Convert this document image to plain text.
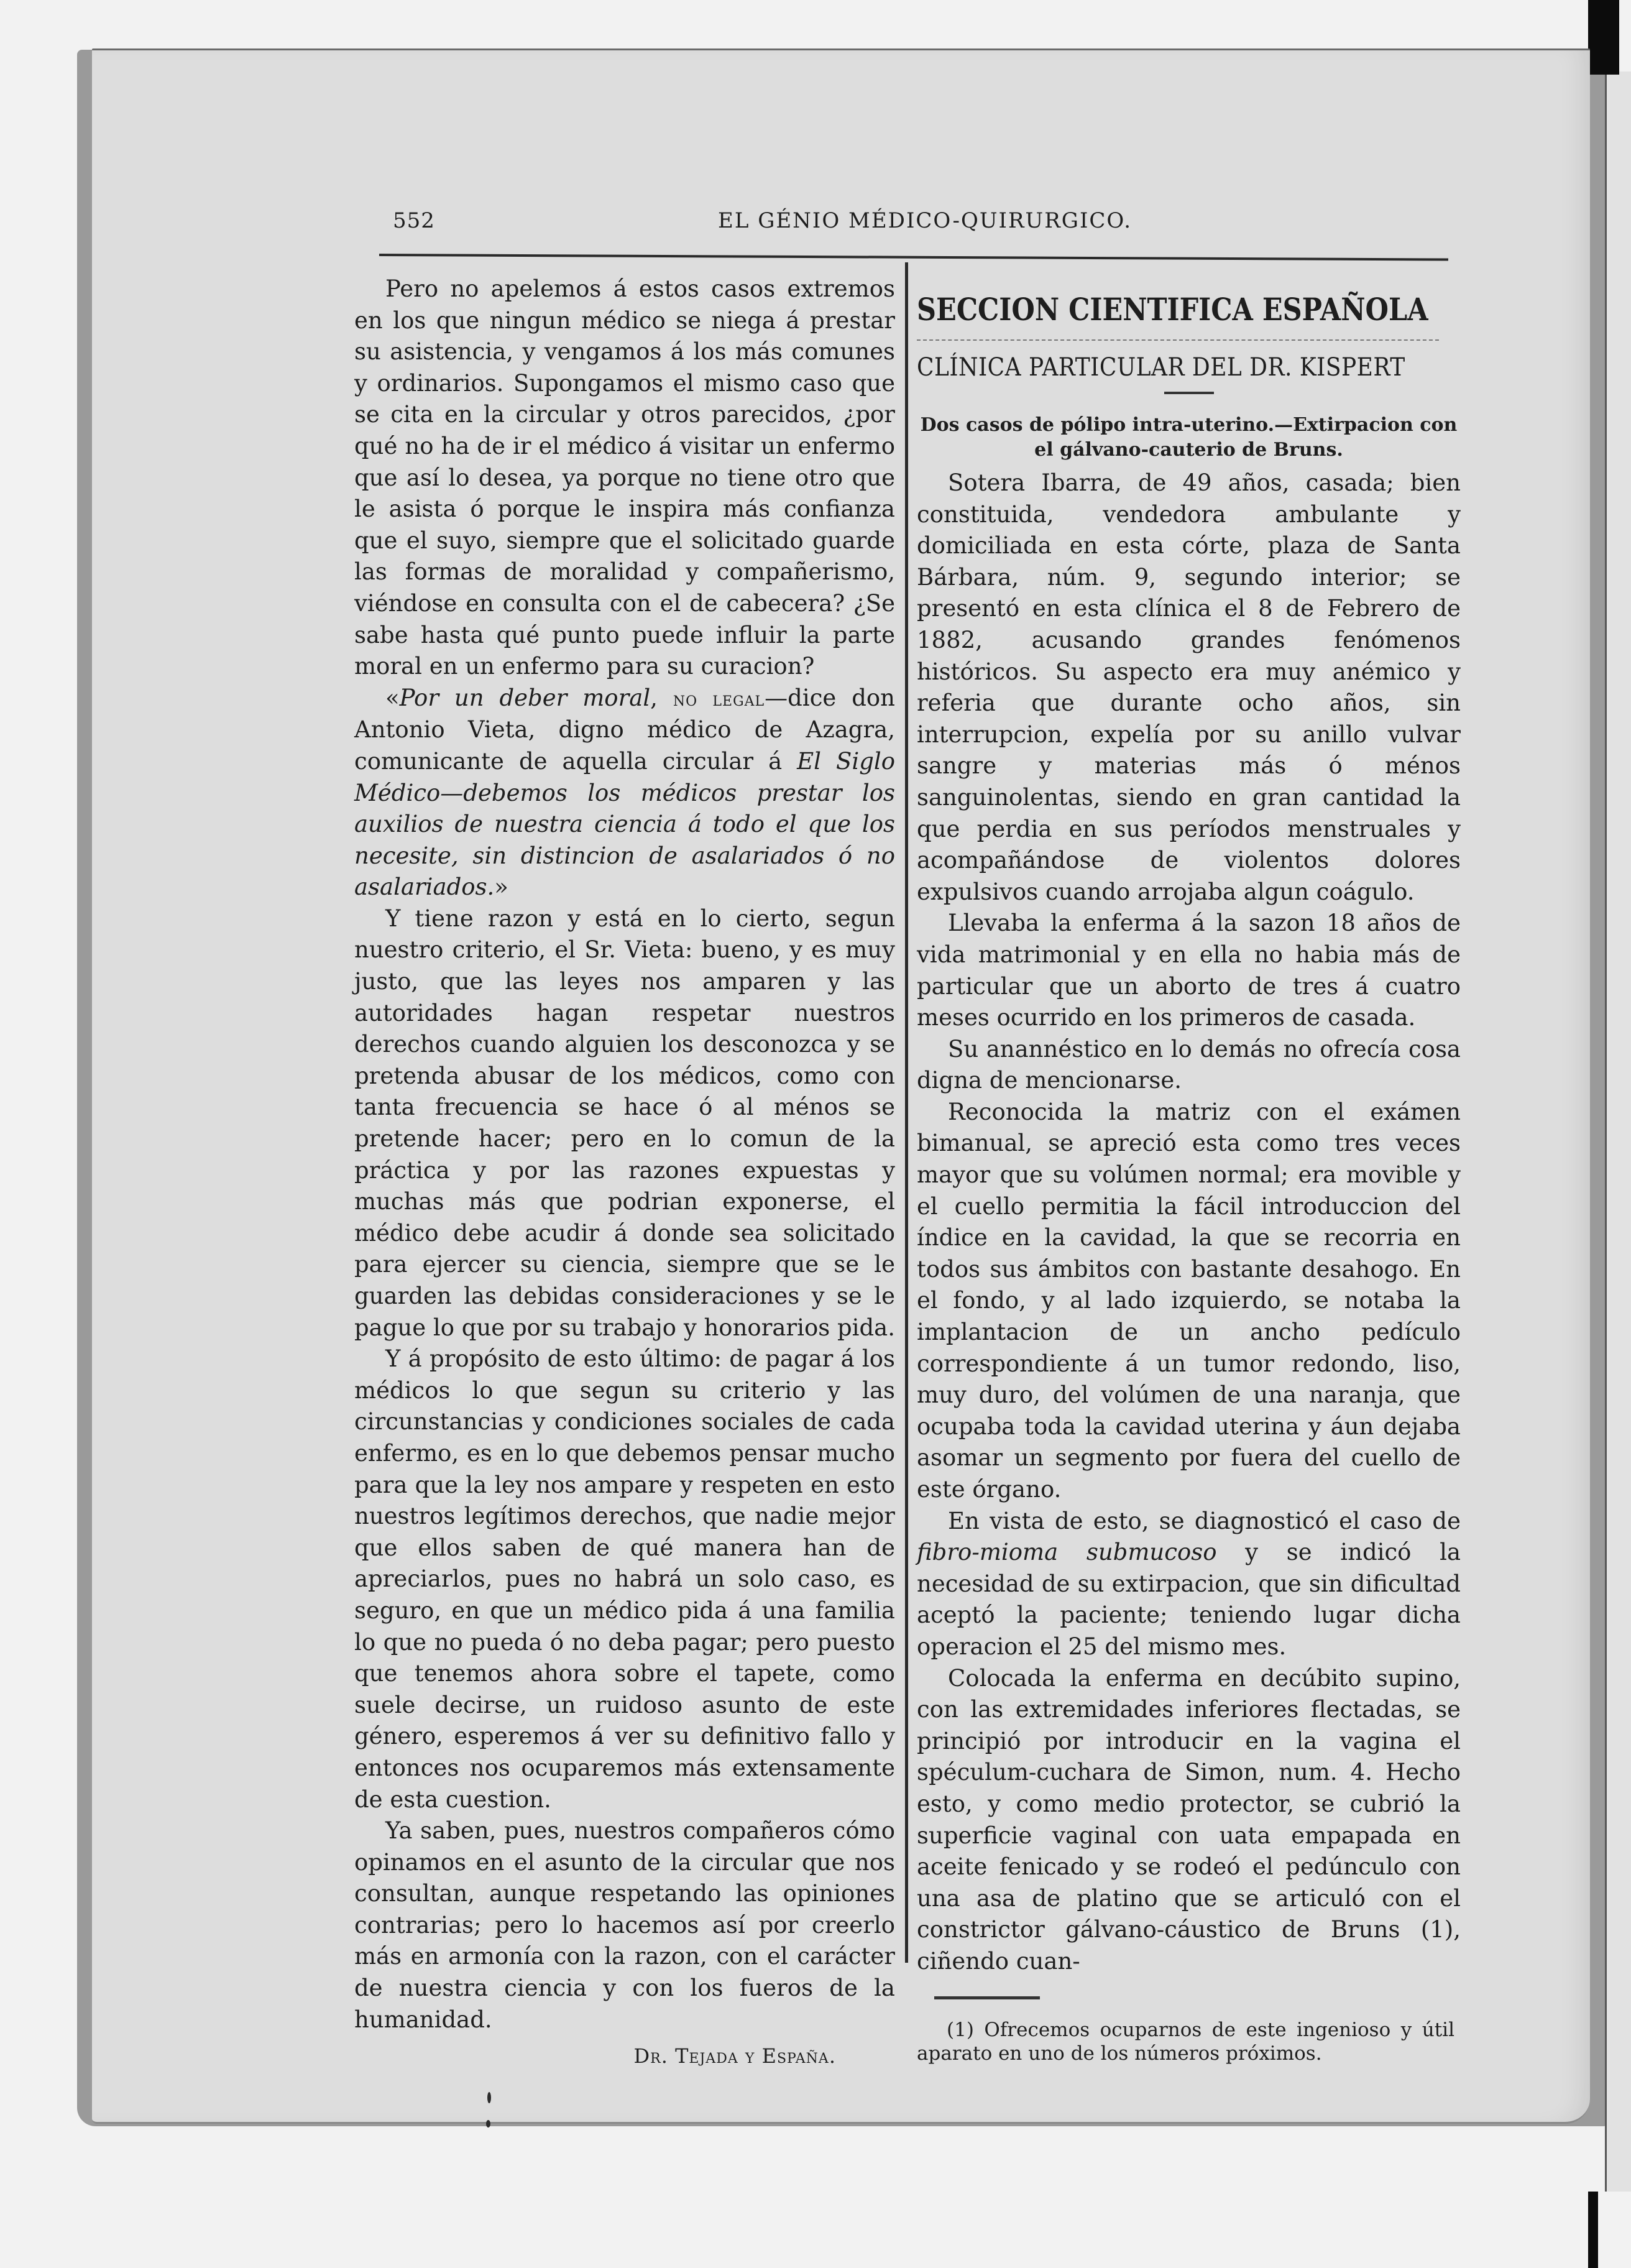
552	EL GÉNIO MÉDICO-QUIRURGICO.

Pero no apelemos á estos casos extremos en los que ningun médico se niega á prestar su asistencia, y vengamos á los más comunes y ordinarios. Supongamos el mismo caso que se cita en la circular y otros parecidos, ¿por qué no ha de ir el médico á visitar un enfermo que así lo desea, ya porque no tiene otro que le asista ó porque le inspira más confianza que el suyo, siempre que el solicitado guarde las formas de moralidad y compañerismo, viéndose en consulta con el de cabecera? ¿Se sabe hasta qué punto puede influir la parte moral en un enfermo para su curacion?

«Por un deber moral, no legal—dice don Antonio Vieta, digno médico de Azagra, comunicante de aquella circular á El Siglo Médico—debemos los médicos prestar los auxilios de nuestra ciencia á todo el que los necesite, sin distincion de asalariados ó no asalariados.»

Y tiene razon y está en lo cierto, segun nuestro criterio, el Sr. Vieta: bueno, y es muy justo, que las leyes nos amparen y las autoridades hagan respetar nuestros derechos cuando alguien los desconozca y se pretenda abusar de los médicos, como con tanta frecuencia se hace ó al ménos se pretende hacer; pero en lo comun de la práctica y por las razones expuestas y muchas más que podrian exponerse, el médico debe acudir á donde sea solicitado para ejercer su ciencia, siempre que se le guarden las debidas consideraciones y se le pague lo que por su trabajo y honorarios pida.

Y á propósito de esto último: de pagar á los médicos lo que segun su criterio y las circunstancias y condiciones sociales de cada enfermo, es en lo que debemos pensar mucho para que la ley nos ampare y respeten en esto nuestros legítimos derechos, que nadie mejor que ellos saben de qué manera han de apreciarlos, pues no habrá un solo caso, es seguro, en que un médico pida á una familia lo que no pueda ó no deba pagar; pero puesto que tenemos ahora sobre el tapete, como suele decirse, un ruidoso asunto de este género, esperemos á ver su definitivo fallo y entonces nos ocuparemos más extensamente de esta cuestion.

Ya saben, pues, nuestros compañeros cómo opinamos en el asunto de la circular que nos consultan, aunque respetando las opiniones contrarias; pero lo hacemos así por creerlo más en armonía con la razon, con el carácter de nuestra ciencia y con los fueros de la humanidad.

Dr. Tejada y España.
SECCION CIENTIFICA ESPAÑOLA
CLÍNICA PARTICULAR DEL DR. KISPERT
Dos casos de pólipo intra-uterino.—Extirpacion con el gálvano-cauterio de Bruns.

Sotera Ibarra, de 49 años, casada; bien constituida, vendedora ambulante y domiciliada en esta córte, plaza de Santa Bárbara, núm. 9, segundo interior; se presentó en esta clínica el 8 de Febrero de 1882, acusando grandes fenómenos históricos. Su aspecto era muy anémico y referia que durante ocho años, sin interrupcion, expelía por su anillo vulvar sangre y materias más ó ménos sanguinolentas, siendo en gran cantidad la que perdia en sus períodos menstruales y acompañándose de violentos dolores expulsivos cuando arrojaba algun coágulo.

Llevaba la enferma á la sazon 18 años de vida matrimonial y en ella no habia más de particular que un aborto de tres á cuatro meses ocurrido en los primeros de casada.

Su anannéstico en lo demás no ofrecía cosa digna de mencionarse.

Reconocida la matriz con el exámen bimanual, se apreció esta como tres veces mayor que su volúmen normal; era movible y el cuello permitia la fácil introduccion del índice en la cavidad, la que se recorria en todos sus ámbitos con bastante desahogo. En el fondo, y al lado izquierdo, se notaba la implantacion de un ancho pedículo correspondiente á un tumor redondo, liso, muy duro, del volúmen de una naranja, que ocupaba toda la cavidad uterina y áun dejaba asomar un segmento por fuera del cuello de este órgano.

En vista de esto, se diagnosticó el caso de fibro-mioma submucoso y se indicó la necesidad de su extirpacion, que sin dificultad aceptó la paciente; teniendo lugar dicha operacion el 25 del mismo mes.

Colocada la enferma en decúbito supino, con las extremidades inferiores flectadas, se principió por introducir en la vagina el spéculum-cuchara de Simon, num. 4. Hecho esto, y como medio protector, se cubrió la superficie vaginal con uata empapada en aceite fenicado y se rodeó el pedúnculo con una asa de platino que se articuló con el constrictor gálvano-cáustico de Bruns (1), ciñendo cuan-

(1) Ofrecemos ocuparnos de este ingenioso y útil aparato en uno de los números próximos.
